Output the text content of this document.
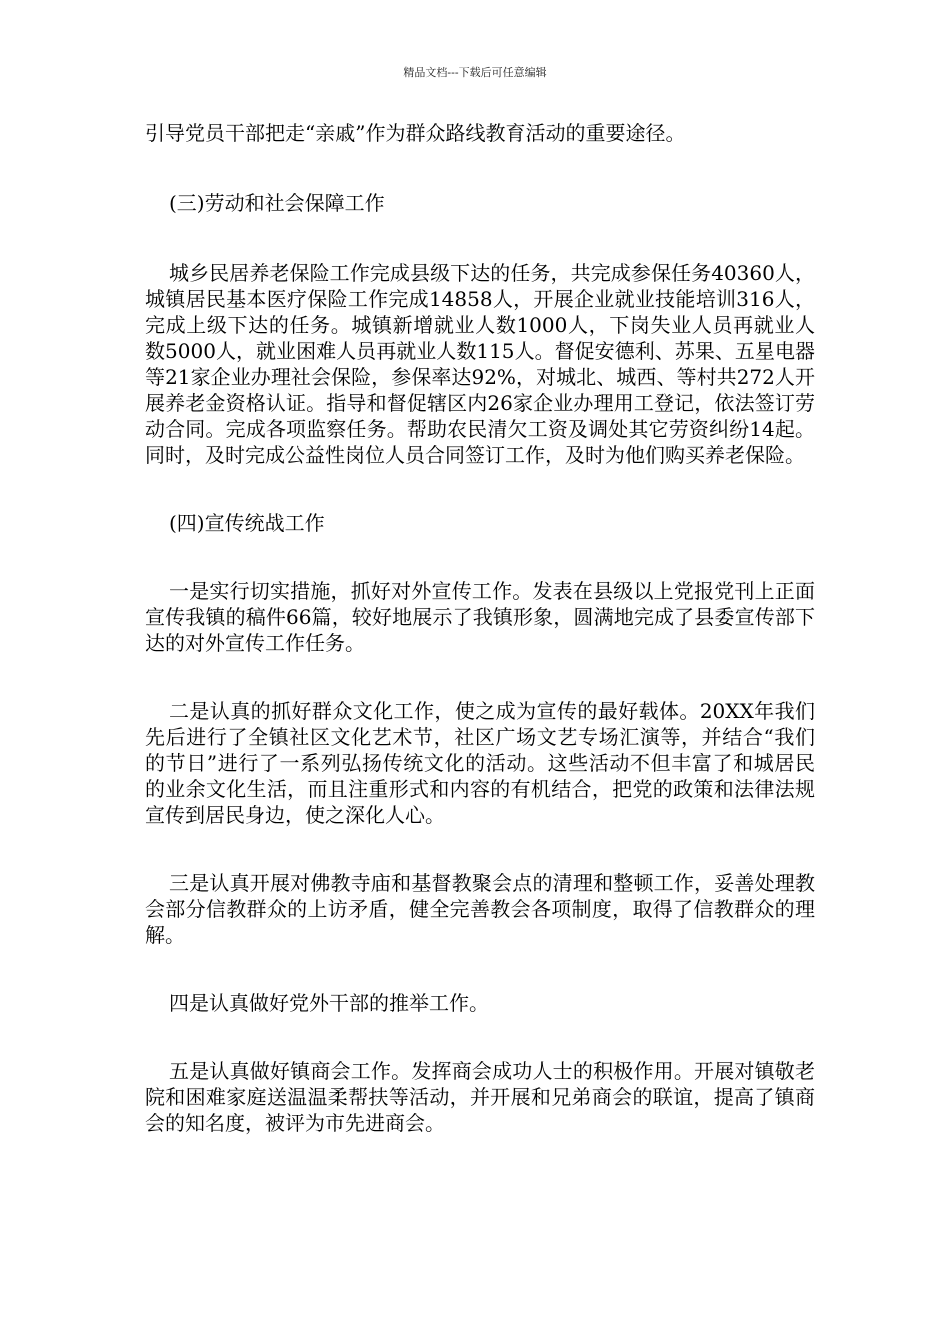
精品文档---下载后可任意编辑

引导党员干部把走“亲戚”作为群众路线教育活动的重要途径。

(三)劳动和社会保障工作

城乡民居养老保险工作完成县级下达的任务，共完成参保任务40360人，城镇居民基本医疗保险工作完成14858人，开展企业就业技能培训316人，完成上级下达的任务。城镇新增就业人数1000人，下岗失业人员再就业人数5000人，就业困难人员再就业人数115人。督促安德利、苏果、五星电器等21家企业办理社会保险，参保率达92%，对城北、城西、等村共272人开展养老金资格认证。指导和督促辖区内26家企业办理用工登记，依法签订劳动合同。完成各项监察任务。帮助农民清欠工资及调处其它劳资纠纷14起。同时，及时完成公益性岗位人员合同签订工作，及时为他们购买养老保险。

(四)宣传统战工作

一是实行切实措施，抓好对外宣传工作。发表在县级以上党报党刊上正面宣传我镇的稿件66篇，较好地展示了我镇形象，圆满地完成了县委宣传部下达的对外宣传工作任务。

二是认真的抓好群众文化工作，使之成为宣传的最好载体。20XX年我们先后进行了全镇社区文化艺术节，社区广场文艺专场汇演等，并结合“我们的节日”进行了一系列弘扬传统文化的活动。这些活动不但丰富了和城居民的业余文化生活，而且注重形式和内容的有机结合，把党的政策和法律法规宣传到居民身边，使之深化人心。

三是认真开展对佛教寺庙和基督教聚会点的清理和整顿工作，妥善处理教会部分信教群众的上访矛盾，健全完善教会各项制度，取得了信教群众的理解。

四是认真做好党外干部的推举工作。

五是认真做好镇商会工作。发挥商会成功人士的积极作用。开展对镇敬老院和困难家庭送温温柔帮扶等活动，并开展和兄弟商会的联谊，提高了镇商会的知名度，被评为市先进商会。
